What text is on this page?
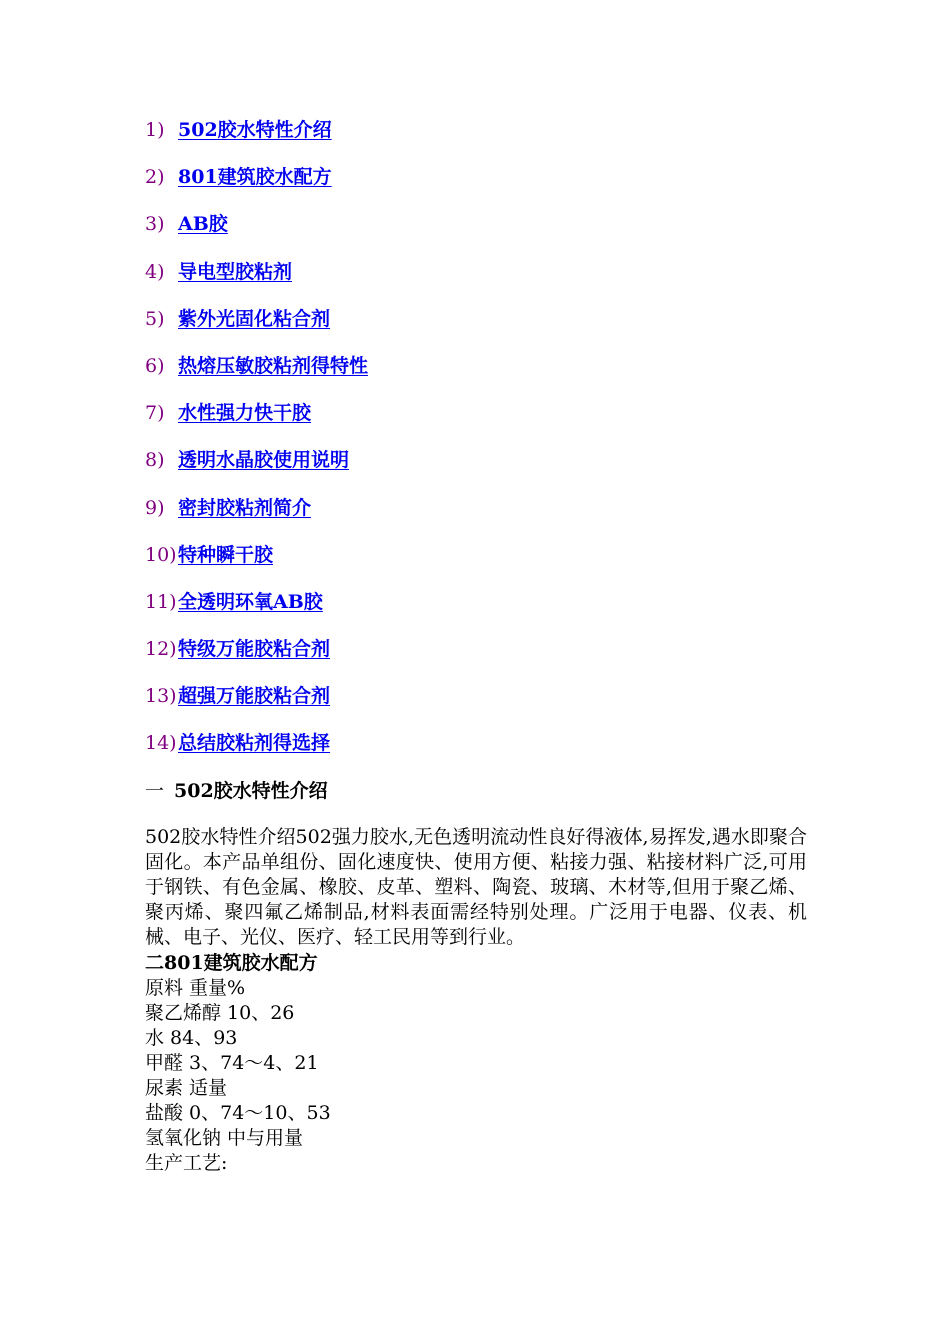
1) 502胶水特性介绍
2) 801建筑胶水配方
3) AB胶
4) 导电型胶粘剂
5) 紫外光固化粘合剂
6) 热熔压敏胶粘剂得特性
7) 水性强力快干胶
8) 透明水晶胶使用说明
9) 密封胶粘剂简介
10) 特种瞬干胶
11) 全透明环氧AB胶
12) 特级万能胶粘合剂
13) 超强万能胶粘合剂
14) 总结胶粘剂得选择
一 502胶水特性介绍

502胶水特性介绍502强力胶水,无色透明流动性良好得液体,易挥发,遇水即聚合固化。本产品单组份、固化速度快、使用方便、粘接力强、粘接材料广泛,可用于钢铁、有色金属、橡胶、皮革、塑料、陶瓷、玻璃、木材等,但用于聚乙烯、聚丙烯、聚四氟乙烯制品,材料表面需经特别处理。广泛用于电器、仪表、机械、电子、光仪、医疗、轻工民用等到行业。

二801建筑胶水配方
原料 重量%
聚乙烯醇 10、26
水 84、93
甲醛 3、74～4、21
尿素 适量
盐酸 0、74～10、53
氢氧化钠 中与用量
生产工艺:
